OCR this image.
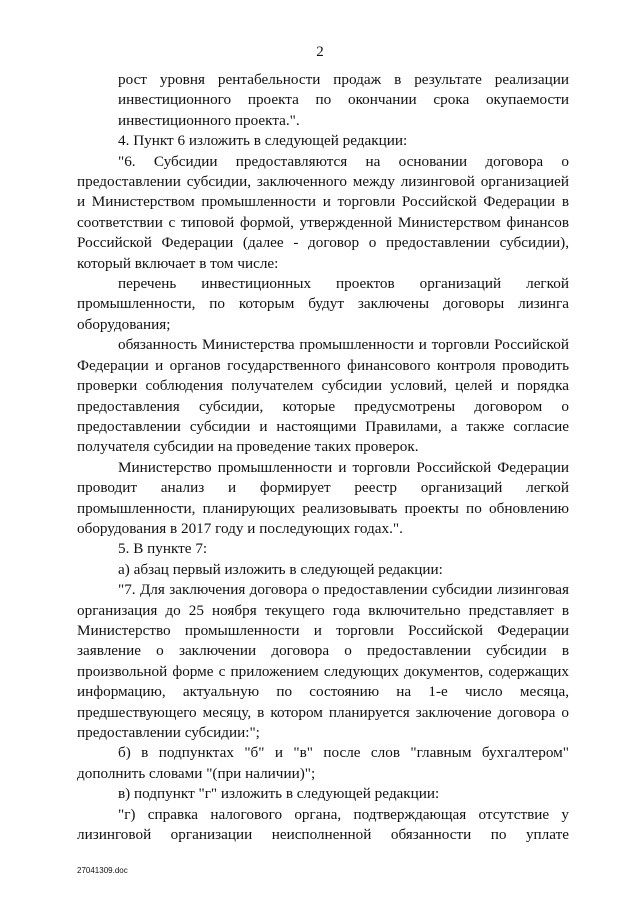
2

рост уровня рентабельности продаж в результате реализации инвестиционного проекта по окончании срока окупаемости инвестиционного проекта.".

4. Пункт 6 изложить в следующей редакции:

"6. Субсидии предоставляются на основании договора о предоставлении субсидии, заключенного между лизинговой организацией и Министерством промышленности и торговли Российской Федерации в соответствии с типовой формой, утвержденной Министерством финансов Российской Федерации (далее - договор о предоставлении субсидии), который включает в том числе:

перечень инвестиционных проектов организаций легкой промышленности, по которым будут заключены договоры лизинга оборудования;

обязанность Министерства промышленности и торговли Российской Федерации и органов государственного финансового контроля проводить проверки соблюдения получателем субсидии условий, целей и порядка предоставления субсидии, которые предусмотрены договором о предоставлении субсидии и настоящими Правилами, а также согласие получателя субсидии на проведение таких проверок.

Министерство промышленности и торговли Российской Федерации проводит анализ и формирует реестр организаций легкой промышленности, планирующих реализовывать проекты по обновлению оборудования в 2017 году и последующих годах.".

5. В пункте 7:

а) абзац первый изложить в следующей редакции:

"7. Для заключения договора о предоставлении субсидии лизинговая организация до 25 ноября текущего года включительно представляет в Министерство промышленности и торговли Российской Федерации заявление о заключении договора о предоставлении субсидии в произвольной форме с приложением следующих документов, содержащих информацию, актуальную по состоянию на 1-е число месяца, предшествующего месяцу, в котором планируется заключение договора о предоставлении субсидии:";

б) в подпунктах "б" и "в" после слов "главным бухгалтером" дополнить словами "(при наличии)";

в) подпункт "г" изложить в следующей редакции:

"г) справка налогового органа, подтверждающая отсутствие у лизинговой организации неисполненной обязанности по уплате

27041309.doc
